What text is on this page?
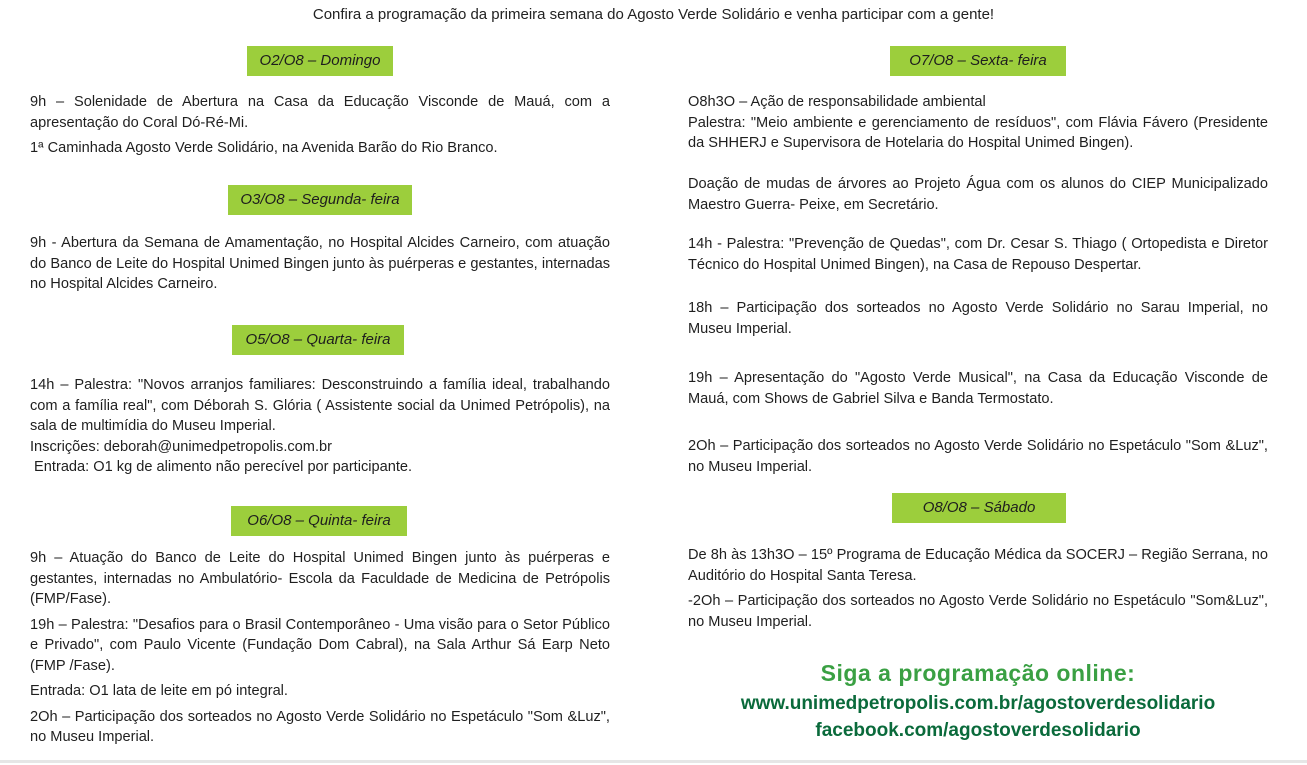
Confira a programação da primeira semana do Agosto Verde Solidário e venha participar com a gente!
O2/O8 – Domingo

9h – Solenidade de Abertura na Casa da Educação Visconde de Mauá, com a apresentação do Coral Dó-Ré-Mi.

1ª Caminhada Agosto Verde Solidário, na Avenida Barão do Rio Branco.

O3/O8 – Segunda- feira

9h - Abertura da Semana de Amamentação, no Hospital Alcides Carneiro, com atuação do Banco de Leite do Hospital Unimed Bingen junto às puérperas e gestantes, internadas no Hospital Alcides Carneiro.

O5/O8 – Quarta- feira

14h – Palestra: "Novos arranjos familiares: Desconstruindo a família ideal, trabalhando com a família real", com Déborah S. Glória ( Assistente social da Unimed Petrópolis), na sala de multimídia do Museu Imperial.

Inscrições: deborah@unimedpetropolis.com.br

Entrada: O1 kg de alimento não perecível por participante.

O6/O8 – Quinta- feira

9h – Atuação do Banco de Leite do Hospital Unimed Bingen junto às puérperas e gestantes, internadas no Ambulatório- Escola da Faculdade de Medicina de Petrópolis (FMP/Fase).

19h – Palestra: "Desafios para o Brasil Contemporâneo - Uma visão para o Setor Público e Privado", com Paulo Vicente (Fundação Dom Cabral), na Sala Arthur Sá Earp Neto (FMP /Fase).

Entrada: O1 lata de leite em pó integral.

2Oh – Participação dos sorteados no Agosto Verde Solidário no Espetáculo "Som &Luz", no Museu Imperial.

O7/O8 – Sexta- feira

O8h3O – Ação de responsabilidade ambiental

Palestra: "Meio ambiente e gerenciamento de resíduos", com Flávia Fávero (Presidente da SHHERJ e Supervisora de Hotelaria do Hospital Unimed Bingen).

Doação de mudas de árvores ao Projeto Água com os alunos do CIEP Municipalizado Maestro Guerra- Peixe, em Secretário.

14h - Palestra: "Prevenção de Quedas", com Dr. Cesar S. Thiago ( Ortopedista e Diretor Técnico do Hospital Unimed Bingen), na Casa de Repouso Despertar.

18h – Participação dos sorteados no Agosto Verde Solidário no Sarau Imperial, no Museu Imperial.

19h – Apresentação do "Agosto Verde Musical", na Casa da Educação Visconde de Mauá, com Shows de Gabriel Silva e Banda Termostato.

2Oh – Participação dos sorteados no Agosto Verde Solidário no Espetáculo "Som &Luz", no Museu Imperial.

O8/O8 – Sábado

De 8h às 13h3O – 15º Programa de Educação Médica da SOCERJ – Região Serrana, no Auditório do Hospital Santa Teresa.

-2Oh – Participação dos sorteados no Agosto Verde Solidário no Espetáculo "Som&Luz", no Museu Imperial.

Siga a programação online:
www.unimedpetropolis.com.br/agostoverdesolidario
facebook.com/agostoverdesolidario
